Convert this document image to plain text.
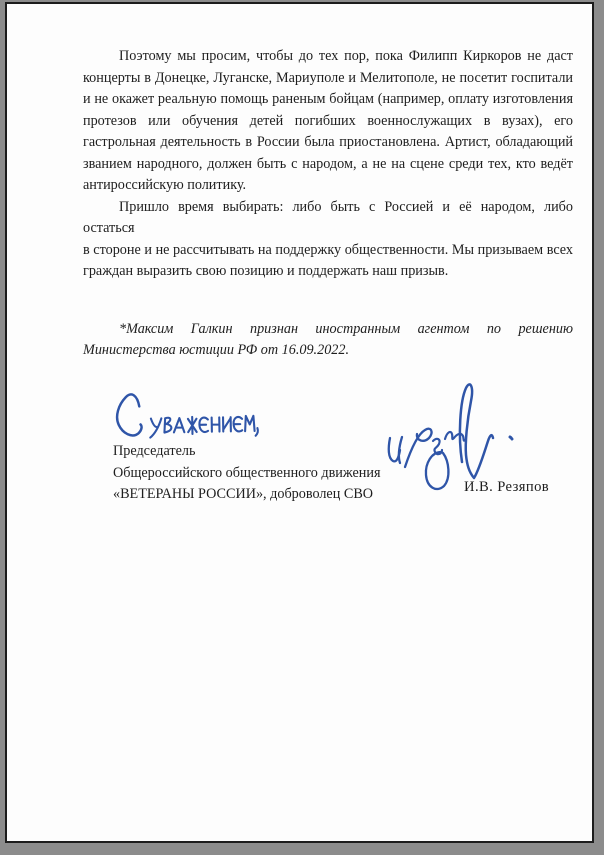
Поэтому мы просим, чтобы до тех пор, пока Филипп Киркоров не даст
концерты в Донецке, Луганске, Мариуполе и Мелитополе, не посетит госпитали
и не окажет реальную помощь раненым бойцам (например, оплату изготовления
протезов или обучения детей погибших военнослужащих в вузах), его
гастрольная деятельность в России была приостановлена. Артист, обладающий
званием народного, должен быть с народом, а не на сцене среди тех, кто ведёт
антироссийскую политику.
Пришло время выбирать: либо быть с Россией и её народом, либо остаться
в стороне и не рассчитывать на поддержку общественности. Мы призываем всех
граждан выразить свою позицию и поддержать наш призыв.
*Максим Галкин признан иностранным агентом по решению
Министерства юстиции РФ от 16.09.2022.
Председатель
Общероссийского общественного движения
«ВЕТЕРАНЫ РОССИИ», доброволец СВО	И.В. Резяпов
